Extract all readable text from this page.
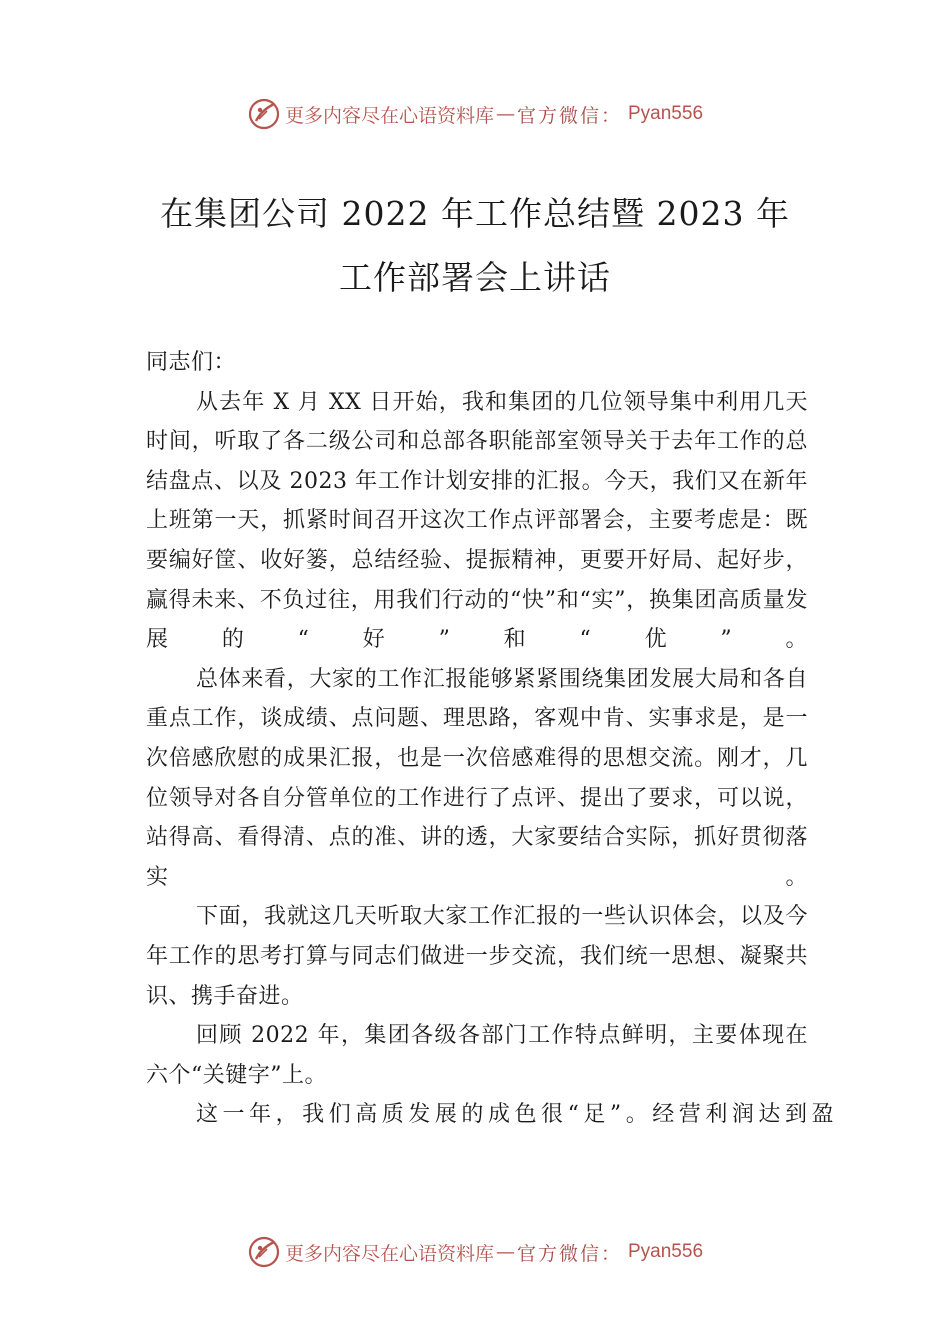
更多内容尽在心语资料库 — 官方微信： Pyan556
在集团公司 2022 年工作总结暨 2023 年
工作部署会上讲话

同志们：

从去年 X 月 XX 日开始，我和集团的几位领导集中利用几天时间，听取了各二级公司和总部各职能部室领导关于去年工作的总结盘点、以及 2023 年工作计划安排的汇报。今天，我们又在新年上班第一天，抓紧时间召开这次工作点评部署会，主要考虑是：既要编好筐、收好篓，总结经验、提振精神，更要开好局、起好步，赢得未来、不负过往，用我们行动的“快”和“实”，换集团高质量发展的“好”和“优”。

总体来看，大家的工作汇报能够紧紧围绕集团发展大局和各自重点工作，谈成绩、点问题、理思路，客观中肯、实事求是，是一次倍感欣慰的成果汇报，也是一次倍感难得的思想交流。刚才，几位领导对各自分管单位的工作进行了点评、提出了要求，可以说，站得高、看得清、点的准、讲的透，大家要结合实际，抓好贯彻落实。

下面，我就这几天听取大家工作汇报的一些认识体会，以及今年工作的思考打算与同志们做进一步交流，我们统一思想、凝聚共识、携手奋进。

回顾 2022 年，集团各级各部门工作特点鲜明，主要体现在六个“关键字”上。

这一年，我们高质发展的成色很“足”。经营利润达到盈

更多内容尽在心语资料库 — 官方微信： Pyan556
